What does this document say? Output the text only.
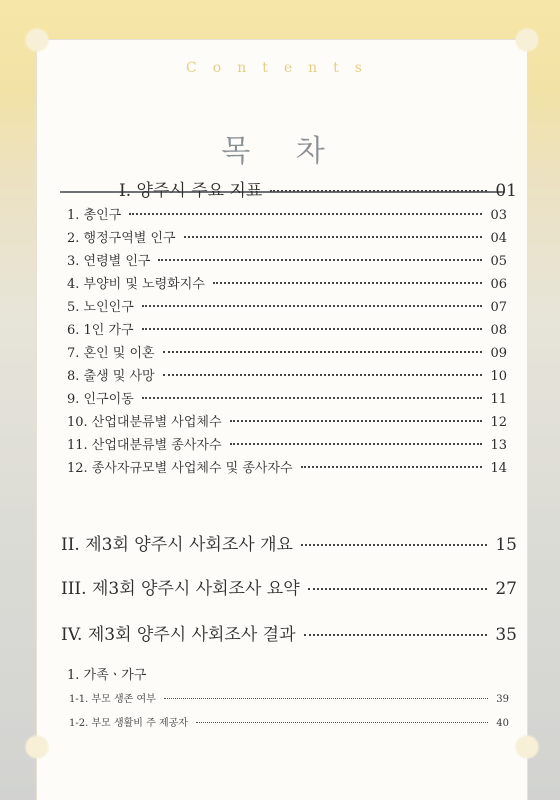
Contents
목 차
I. 양주시 주요 지표	01
1. 총인구	03
2. 행정구역별 인구	04
3. 연령별 인구	05
4. 부양비 및 노령화지수	06
5. 노인인구	07
6. 1인 가구	08
7. 혼인 및 이혼	09
8. 출생 및 사망	10
9. 인구이동	11
10. 산업대분류별 사업체수	12
11. 산업대분류별 종사자수	13
12. 종사자규모별 사업체수 및 종사자수	14
II. 제3회 양주시 사회조사 개요	15
III. 제3회 양주시 사회조사 요약	27
IV. 제3회 양주시 사회조사 결과	35
1. 가족ㆍ가구
1-1. 부모 생존 여부	39
1-2. 부모 생활비 주 제공자	40
